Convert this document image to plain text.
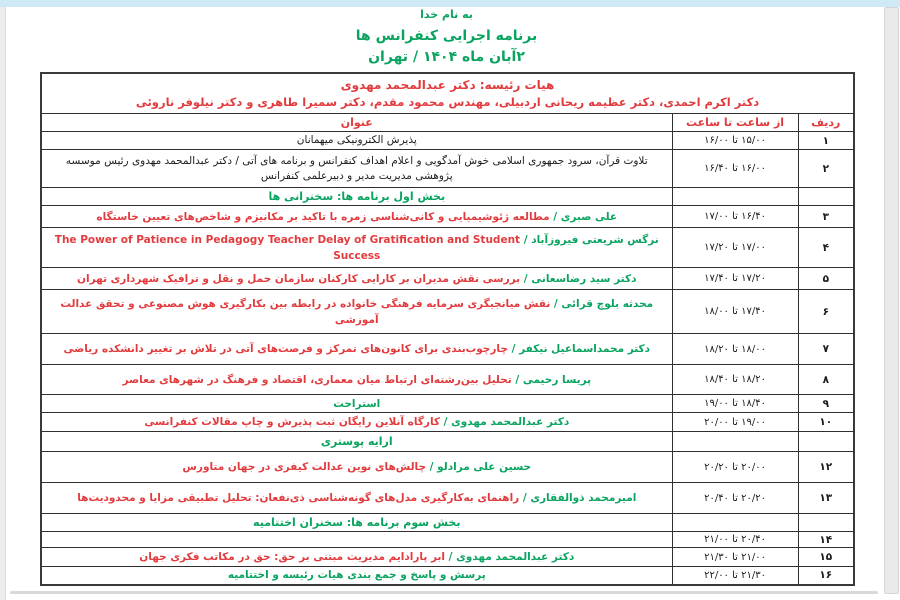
به نام خدا
برنامه اجرایی کنفرانس ها
۲آبان ماه ۱۴۰۴ / تهران
هیات رئیسه: دکتر عبدالمحمد مهدوی
دکتر اکرم احمدی، دکتر عظیمه ریحانی اردبیلی، مهندس محمود مقدم، دکتر سمیرا طاهری و دکتر نیلوفر ناروئی		

ردیف	از ساعت تا ساعت	عنوان
۱	۱۵/۰۰ تا ۱۶/۰۰	پذیرش الکترونیکی میهمانان
۲	۱۶/۰۰ تا ۱۶/۴۰	تلاوت قرآن، سرود جمهوری اسلامی خوش آمدگویی و اعلام اهداف کنفرانس و برنامه های آتی / دکتر عبدالمحمد مهدوی رئیس موسسه پژوهشی مدیریت مدیر و دبیرعلمی کنفرانس
		بخش اول برنامه ها: سخنرانی ها
۳	۱۶/۴۰ تا ۱۷/۰۰	علی صبری / مطالعه ژئوشیمیایی و کانی‌شناسی زمره با تاکید بر مکانیزم و شاخص‌های تعیین خاستگاه
۴	۱۷/۰۰ تا ۱۷/۲۰	نرگس شریعتی فیروزآباد / The Power of Patience in Pedagogy Teacher Delay of Gratification and Student Success
۵	۱۷/۲۰ تا ۱۷/۴۰	دکتر سید رضاسعانی / بررسی نقش مدیران بر کارایی کارکنان سازمان حمل و نقل و ترافیک شهرداری تهران
۶	۱۷/۴۰ تا ۱۸/۰۰	محدثه بلوچ قرائی / نقش میانجیگری سرمایه فرهنگی خانواده در رابطه بین بکارگیری هوش مصنوعی و تحقق عدالت آموزشی
۷	۱۸/۰۰ تا ۱۸/۲۰	دکتر محمداسماعیل نیکفر / چارچوب‌بندی برای کانون‌های تمرکز و فرصت‌های آتی در تلاش بر تغییر دانشکده ریاضی
۸	۱۸/۲۰ تا ۱۸/۴۰	پریسا رحیمی / تحلیل بین‌رشته‌ای ارتباط میان معماری، اقتصاد و فرهنگ در شهرهای معاصر
۹	۱۸/۴۰ تا ۱۹/۰۰	استراحت
۱۰	۱۹/۰۰ تا ۲۰/۰۰	دکتر عبدالمحمد مهدوی / کارگاه آنلاین رایگان ثبت پذیرش و چاپ مقالات کنفرانسی
		ارایه پوستری
۱۲	۲۰/۰۰ تا ۲۰/۲۰	حسین علی مرادلو / چالش‌های نوین عدالت کیفری در جهان متاورس
۱۳	۲۰/۲۰ تا ۲۰/۴۰	امیرمحمد ذوالفقاری / راهنمای به‌کارگیری مدل‌های گونه‌شناسی ذی‌نفعان: تحلیل تطبیقی مزایا و محدودیت‌ها
		بخش سوم برنامه ها: سخنران اختتامیه
۱۴	۲۰/۴۰ تا ۲۱/۰۰	
۱۵	۲۱/۰۰ تا ۲۱/۳۰	دکتر عبدالمحمد مهدوی / ابر پارادایم مدیریت مبتنی بر حق: حق در مکاتب فکری جهان
۱۶	۲۱/۳۰ تا ۲۲/۰۰	پرسش و پاسخ و جمع بندی هیات رئیسه و اختتامیه
